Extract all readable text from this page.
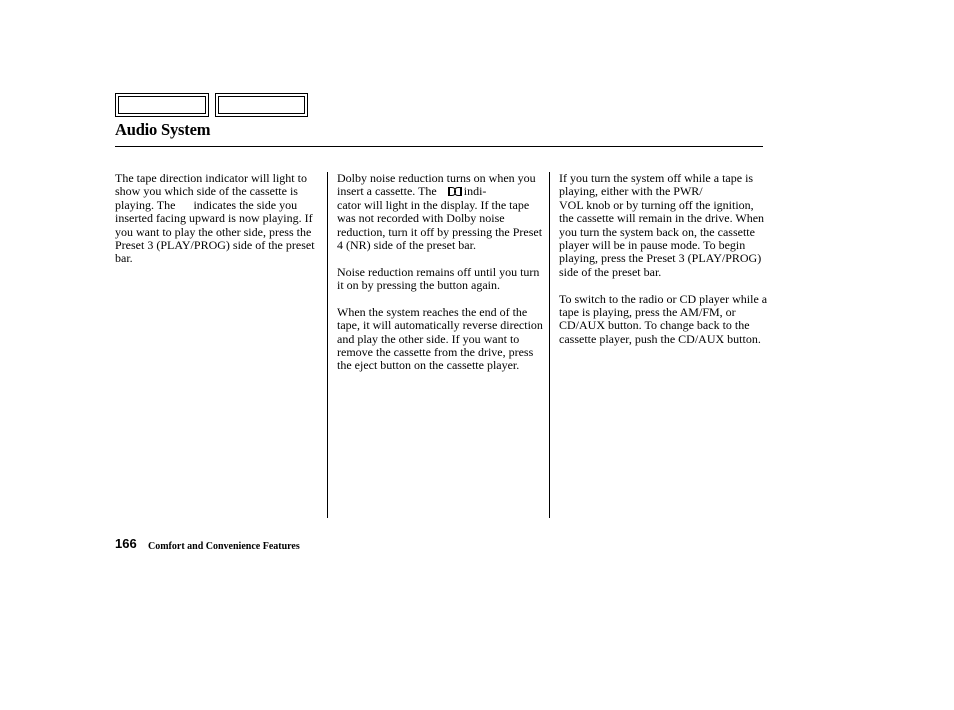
Audio System

The tape direction indicator will light to show you which side of the cassette is playing. The indicates the side you inserted facing upward is now playing. If you want to play the other side, press the Preset 3 (PLAY/PROG) side of the preset bar.

Dolby noise reduction turns on when you insert a cassette. The indi-
cator will light in the display. If the tape was not recorded with Dolby noise reduction, turn it off by pressing the Preset 4 (NR) side of the preset bar.

Noise reduction remains off until you turn it on by pressing the button again.

When the system reaches the end of the tape, it will automatically reverse direction and play the other side. If you want to remove the cassette from the drive, press the eject button on the cassette player.

If you turn the system off while a tape is playing, either with the PWR/
VOL knob or by turning off the ignition, the cassette will remain in the drive. When you turn the system back on, the cassette player will be in pause mode. To begin playing, press the Preset 3 (PLAY/PROG) side of the preset bar.

To switch to the radio or CD player while a tape is playing, press the AM/FM, or CD/AUX button. To change back to the cassette player, push the CD/AUX button.

166 Comfort and Convenience Features
